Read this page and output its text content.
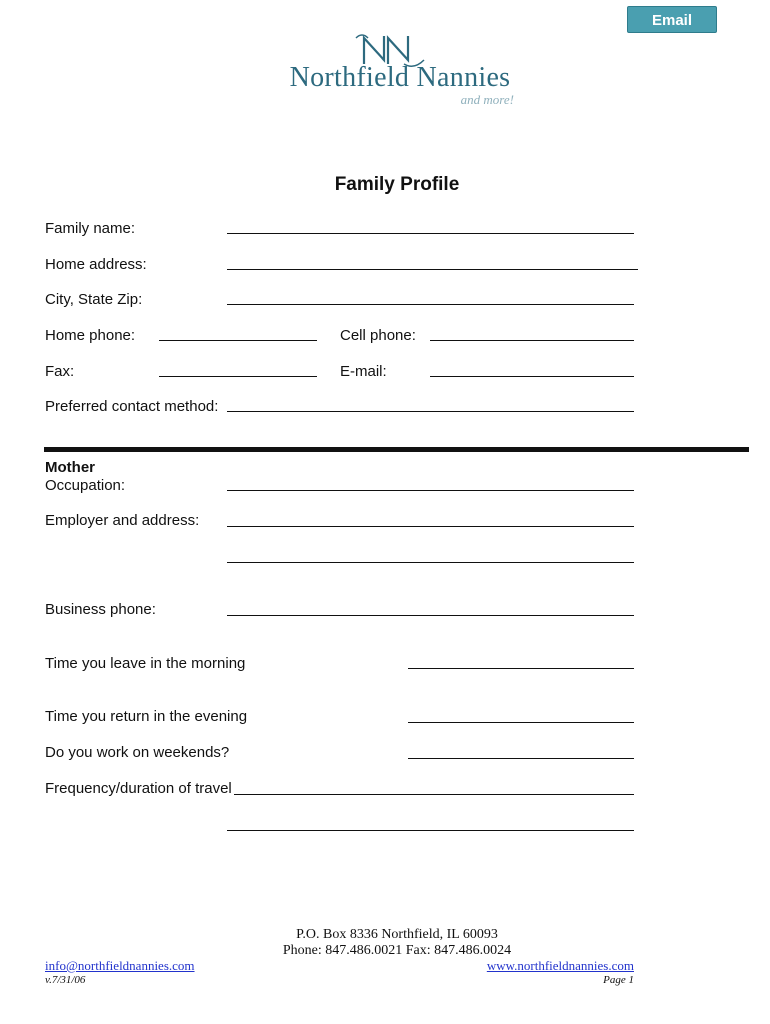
Email
Northfield Nannies
and more!
Family Profile
Family name:
Home address:
City, State Zip:
Home phone:	Cell phone:
Fax:	E-mail:
Preferred contact method:
Mother
Occupation:
Employer and address:
Business phone:
Time you leave in the morning
Time you return in the evening
Do you work on weekends?
Frequency/duration of travel
P.O. Box 8336 Northfield, IL 60093
Phone: 847.486.0021 Fax: 847.486.0024
info@northfieldnannies.com	www.northfieldnannies.com
v.7/31/06	Page 1
